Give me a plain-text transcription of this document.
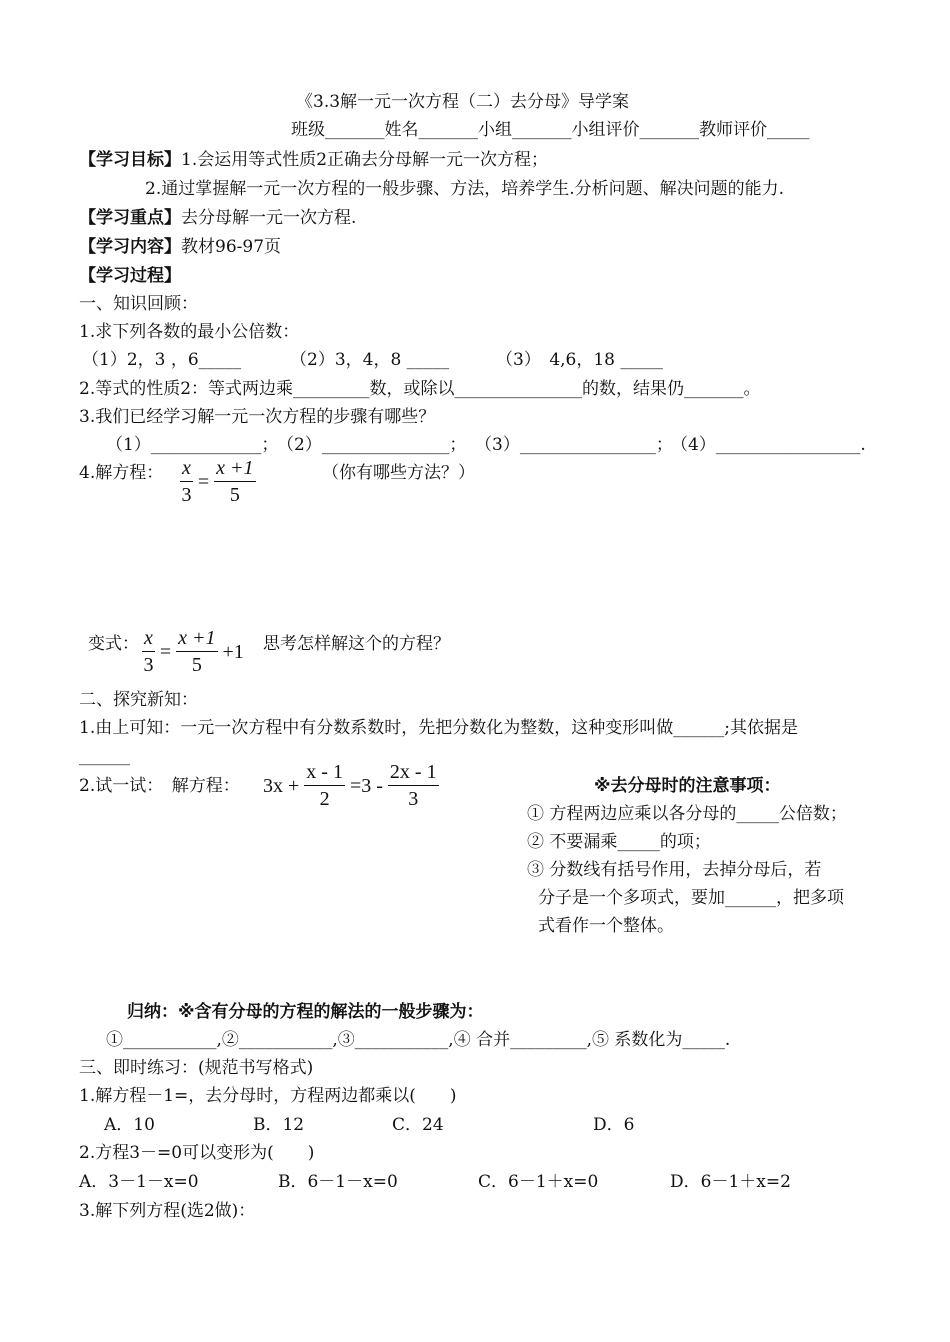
《3.3解一元一次方程（二）去分母》导学案
班级_______姓名_______小组_______小组评价_______教师评价_____
【学习目标】1.会运用等式性质2正确去分母解一元一次方程；
2.通过掌握解一元一次方程的一般步骤、方法，培养学生.分析问题、解决问题的能力.
【学习重点】去分母解一元一次方程.
【学习内容】教材96-97页
【学习过程】
一、知识回顾：
1.求下列各数的最小公倍数：
（1）2，3 ，6_____	（2）3，4，8 _____	（3）　4,6，18 _____
2.等式的性质2：等式两边乘_________数，或除以_______________的数，结果仍_______。
3.我们已经学习解一元一次方程的步骤有哪些？
（1）_____________；
（2）_______________； （3）________________；
（4）_________________.
4.解方程： $\frac{x}{3} = \frac{x +1}{5}$	（你有哪些方法？）
变式： $\frac{x}{3} = \frac{x +1}{5} +1$ 思考怎样解这个的方程？
二、探究新知：
1.由上可知：一元一次方程中有分数系数时，先把分数化为整数，这种变形叫做______;其依据是
______
2.试一试：　解方程： $3x + \frac{x - 1}{2} =3 - \frac{2x - 1}{3}$	※去分母时的注意事项：
① 方程两边应乘以各分母的_____公倍数；
② 不要漏乘_____的项；
③ 分数线有括号作用，去掉分母后，若
分子是一个多项式，要加______，把多项
式看作一个整体。
归纳：※含有分母的方程的解法的一般步骤为：
①___________,②___________,③___________,④ 合并_________,⑤ 系数化为_____.
三、即时练习：(规范书写格式)
1.解方程－1=，去分母时，方程两边都乘以(　　)
A．10	B．12	C．24	D．6
2.方程3－=0可以变形为(　　)
A．3－1－x=0	B．6－1－x=0	C．6－1＋x=0	D．6－1＋x=2
3.解下列方程(选2做)：
